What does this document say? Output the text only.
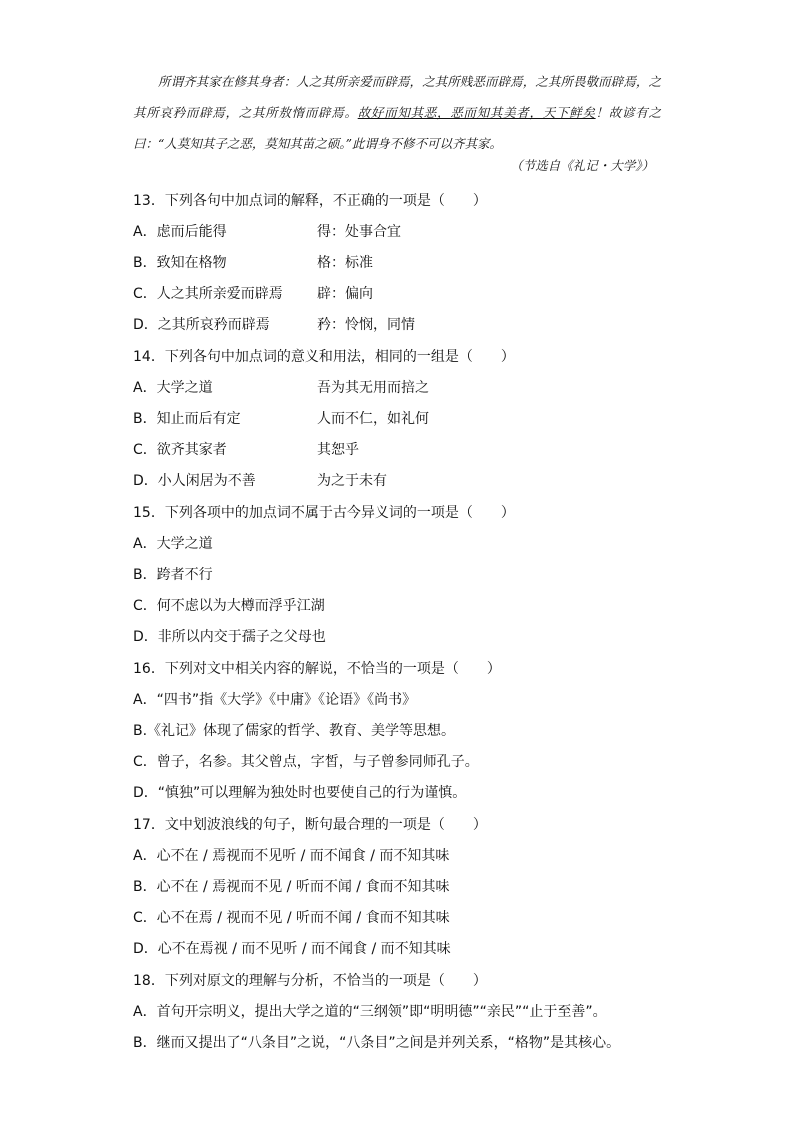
所谓齐其家在修其身者：人之其所亲爱而辟焉，之其所贱恶而辟焉，之其所畏敬而辟焉，之其所哀矜而辟焉，之其所敖惰而辟焉。故好而知其恶，恶而知其美者，天下鲜矣！故谚有之曰：“人莫知其子之恶，莫知其苗之硕。”此谓身不修不可以齐其家。
（节选自《礼记・大学》）
13．下列各句中加点词的解释，不正确的一项是（　　）
A．虑而后能得	得：处事合宜
B．致知在格物	格：标准
C．人之其所亲爱而辟焉 辟：偏向
D．之其所哀矜而辟焉	矜：怜悯，同情
14．下列各句中加点词的意义和用法，相同的一组是（　　）
A．大学之道	吾为其无用而掊之
B．知止而后有定	人而不仁，如礼何
C．欲齐其家者	其恕乎
D．小人闲居为不善	为之于未有
15．下列各项中的加点词不属于古今异义词的一项是（　　）
A．大学之道
B．跨者不行
C．何不虑以为大樽而浮乎江湖
D．非所以内交于孺子之父母也
16．下列对文中相关内容的解说，不恰当的一项是（　　）
A．“四书”指《大学》《中庸》《论语》《尚书》
B.《礼记》体现了儒家的哲学、教育、美学等思想。
C．曾子，名参。其父曾点，字皙，与子曾参同师孔子。
D．“慎独”可以理解为独处时也要使自己的行为谨慎。
17．文中划波浪线的句子，断句最合理的一项是（　　）
A．心不在 / 焉视而不见听 / 而不闻食 / 而不知其味
B．心不在 / 焉视而不见 / 听而不闻 / 食而不知其味
C．心不在焉 / 视而不见 / 听而不闻 / 食而不知其味
D．心不在焉视 / 而不见听 / 而不闻食 / 而不知其味
18．下列对原文的理解与分析，不恰当的一项是（　　）
A．首句开宗明义，提出大学之道的“三纲领”即“明明德”“亲民”“止于至善”。
B．继而又提出了“八条目”之说，“八条目”之间是并列关系，“格物”是其核心。
